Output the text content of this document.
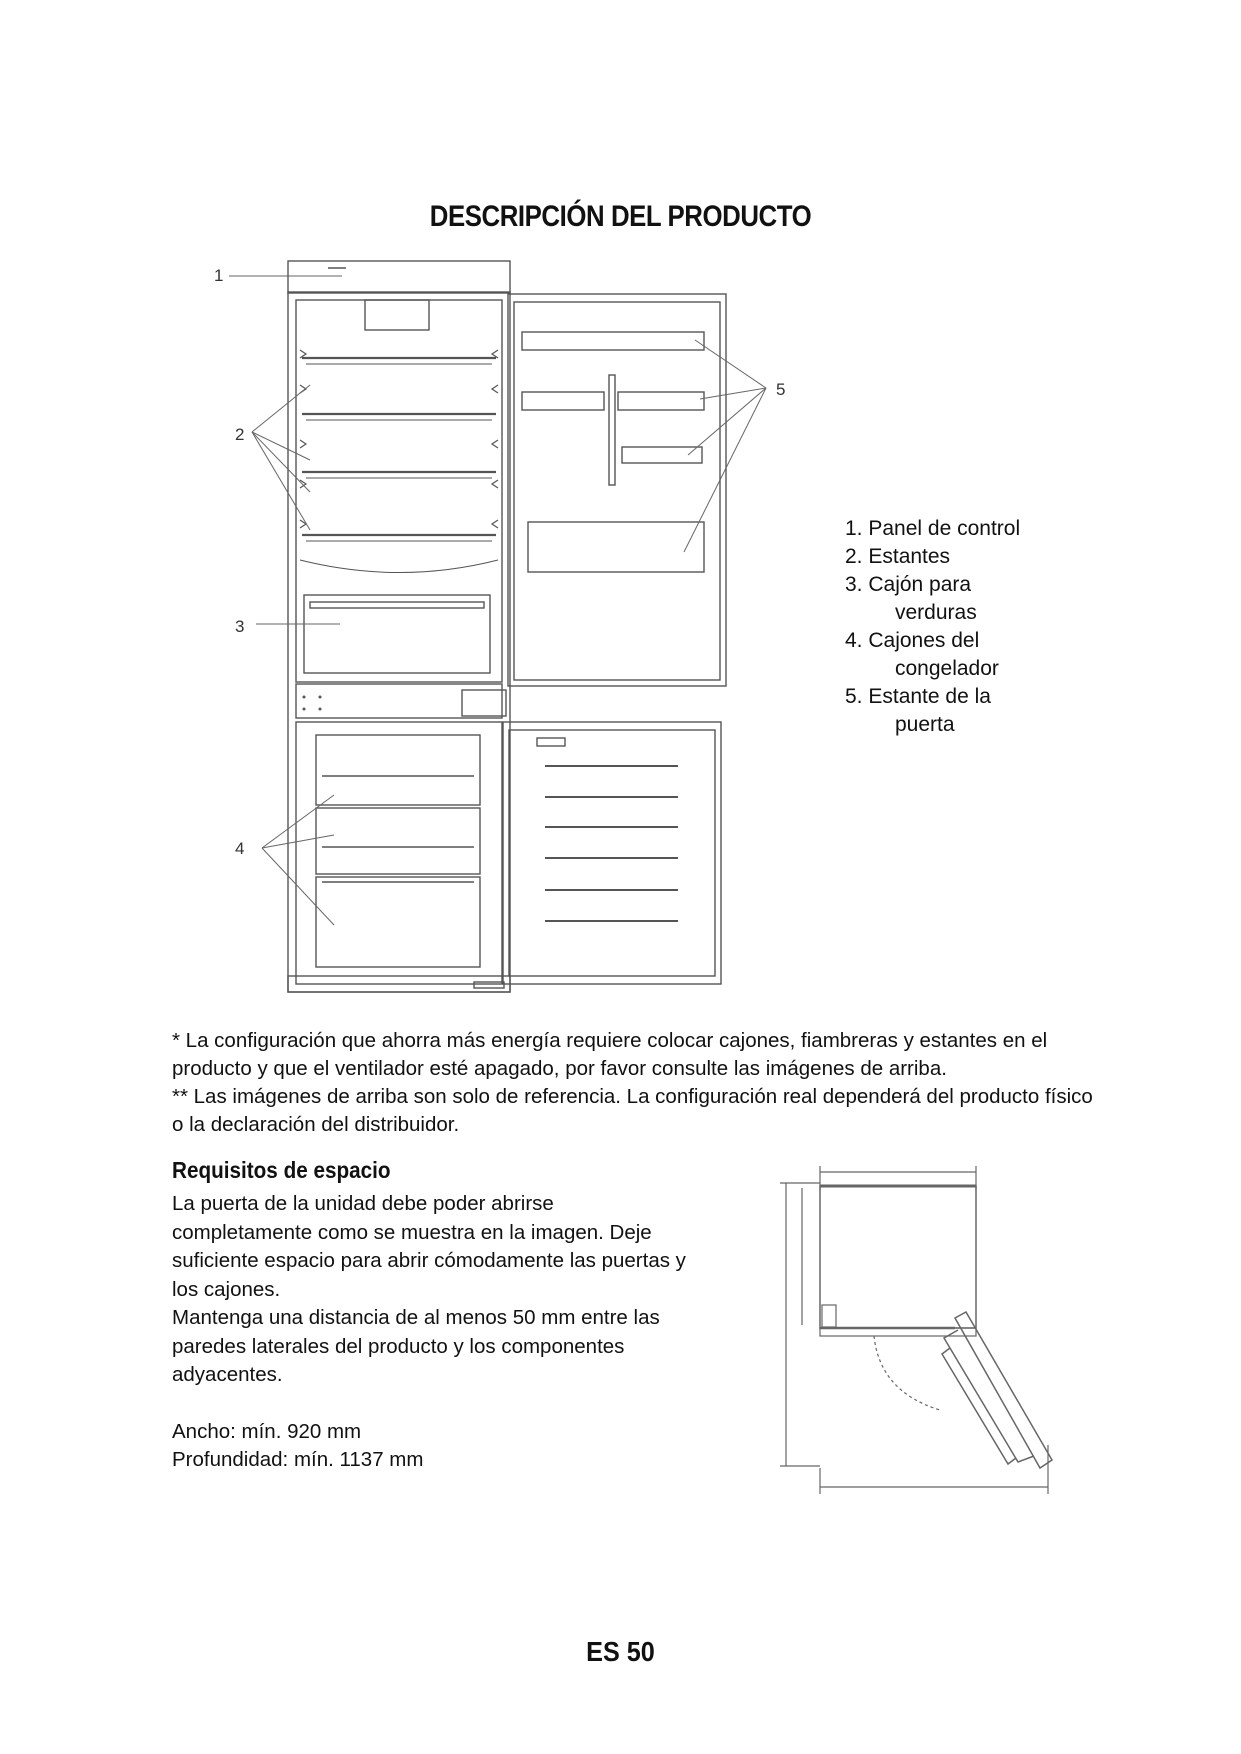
DESCRIPCIÓN DEL PRODUCTO
1
2
3
4
5
1. Panel de control
2. Estantes
3. Cajón para
verduras
4. Cajones del
congelador
5. Estante de la
puerta

* La configuración que ahorra más energía requiere colocar cajones, fiambreras y estantes en el producto y que el ventilador esté apagado, por favor consulte las imágenes de arriba.

** Las imágenes de arriba son solo de referencia. La configuración real dependerá del producto físico o la declaración del distribuidor.

Requisitos de espacio

La puerta de la unidad debe poder abrirse completamente como se muestra en la imagen. Deje suficiente espacio para abrir cómodamente las puertas y los cajones.

Mantenga una distancia de al menos 50 mm entre las paredes laterales del producto y los componentes adyacentes.

Ancho: mín. 920 mm
Profundidad: mín. 1137 mm
ES 50
